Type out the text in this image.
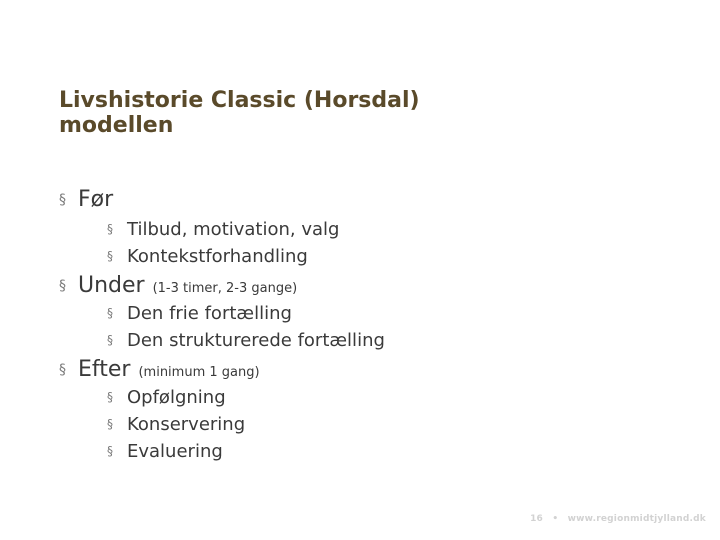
Livshistorie Classic (Horsdal)
modellen
§ Før
§ Tilbud, motivation, valg
§ Kontekstforhandling
§ Under (1-3 timer, 2-3 gange)
§ Den frie fortælling
§ Den strukturerede fortælling
§ Efter (minimum 1 gang)
§ Opfølgning
§ Konservering
§ Evaluering
16 • www.regionmidtjylland.dk
